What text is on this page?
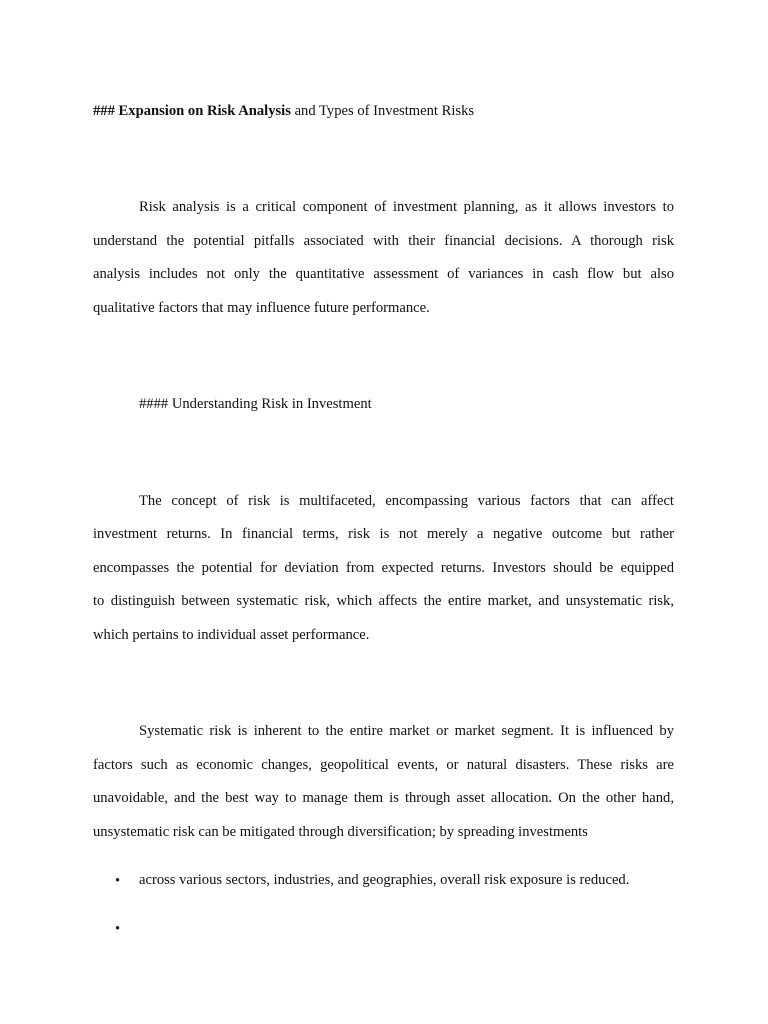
### Expansion on Risk Analysis and Types of Investment Risks
Risk analysis is a critical component of investment planning, as it allows investors to
understand the potential pitfalls associated with their financial decisions. A thorough risk
analysis includes not only the quantitative assessment of variances in cash flow but also
qualitative factors that may influence future performance.
#### Understanding Risk in Investment
The concept of risk is multifaceted, encompassing various factors that can affect
investment returns. In financial terms, risk is not merely a negative outcome but rather
encompasses the potential for deviation from expected returns. Investors should be equipped
to distinguish between systematic risk, which affects the entire market, and unsystematic risk,
which pertains to individual asset performance.
Systematic risk is inherent to the entire market or market segment. It is influenced by
factors such as economic changes, geopolitical events, or natural disasters. These risks are
unavoidable, and the best way to manage them is through asset allocation. On the other hand,
unsystematic risk can be mitigated through diversification; by spreading investments
• across various sectors, industries, and geographies, overall risk exposure is reduced.
•
